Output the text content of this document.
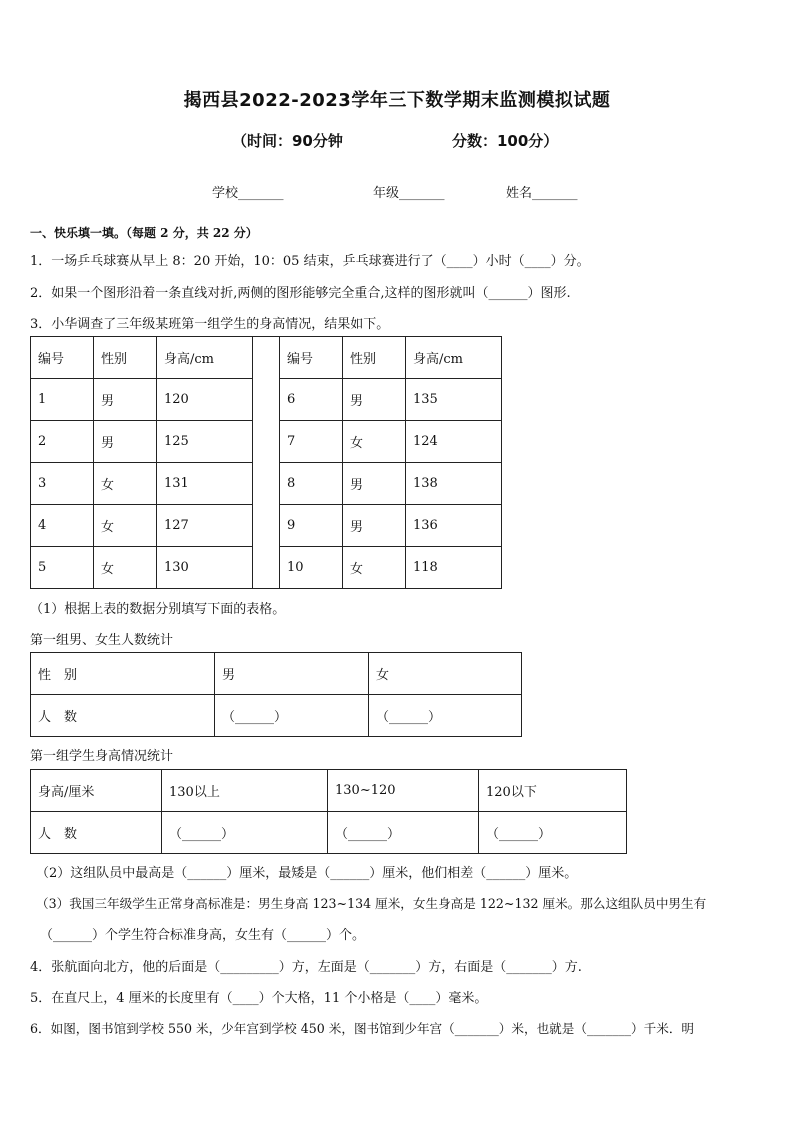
揭西县2022-2023学年三下数学期末监测模拟试题
（时间：90分钟	分数：100分）
学校_______	年级_______	姓名_______
一、快乐填一填。（每题 2 分，共 22 分）
1．一场乒乓球赛从早上 8：20 开始，10：05 结束，乒乓球赛进行了（____）小时（____）分。
2．如果一个图形沿着一条直线对折,两侧的图形能够完全重合,这样的图形就叫（______）图形.
3．小华调查了三年级某班第一组学生的身高情况，结果如下。
编号	性别	身高/cm		编号	性别	身高/cm
1	男	120		6	男	135
2	男	125		7	女	124
3	女	131		8	男	138
4	女	127		9	男	136
5	女	130		10	女	118
（1）根据上表的数据分别填写下面的表格。
第一组男、女生人数统计
性　别	男	女
人　数	（______）	（______）
第一组学生身高情况统计
身高/厘米	130以上	130~120	120以下
人　数	（______）	（______）	（______）
（2）这组队员中最高是（______）厘米，最矮是（______）厘米，他们相差（______）厘米。
（3）我国三年级学生正常身高标准是：男生身高 123~134 厘米，女生身高是 122~132 厘米。那么这组队员中男生有
（______）个学生符合标准身高，女生有（______）个。
4．张航面向北方，他的后面是（_________）方，左面是（_______）方，右面是（_______）方.
5．在直尺上，4 厘米的长度里有（____）个大格，11 个小格是（____）毫米。
6．如图，图书馆到学校 550 米，少年宫到学校 450 米，图书馆到少年宫（_______）米，也就是（_______）千米．明
